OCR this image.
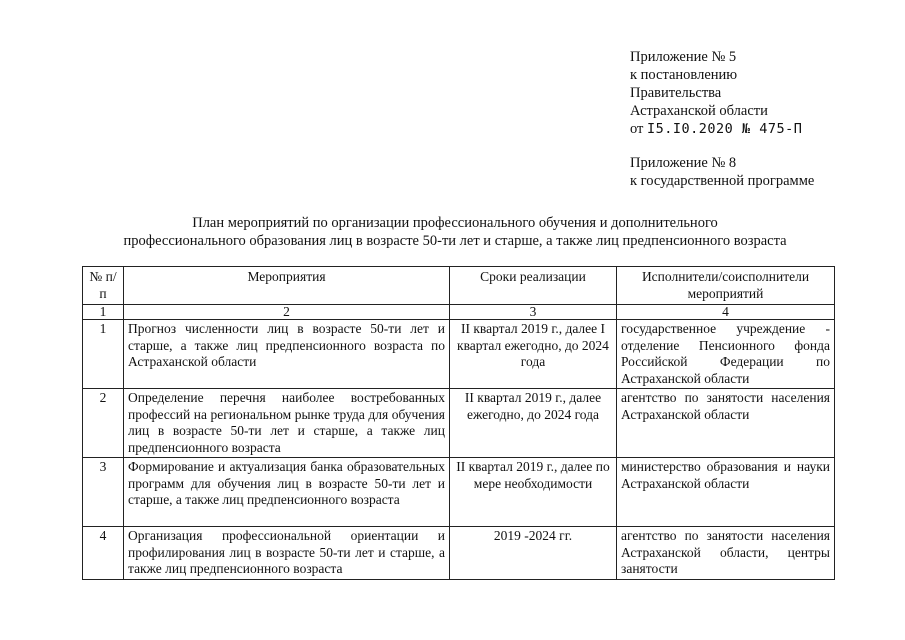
Приложение № 5
к постановлению
Правительства
Астраханской области
от I5.I0.2020 № 475-П
Приложение № 8
к государственной программе
План мероприятий по организации профессионального обучения и дополнительного
профессионального образования лиц в возрасте 50-ти лет и старше, а также лиц предпенсионного возраста
№ п/п	Мероприятия	Сроки реализации	Исполнители/соисполнители мероприятий
1	2	3	4
1	Прогноз численности лиц в возрасте 50-ти лет и старше, а также лиц предпенсионного возраста по Астраханской области	II квартал 2019 г., далее I квартал ежегодно, до 2024 года	государственное учреждение - отделение Пенсионного фонда Российской Федерации по Астраханской области
2	Определение перечня наиболее востребованных профессий на региональном рынке труда для обучения лиц в возрасте 50-ти лет и старше, а также лиц предпенсионного возраста	II квартал 2019 г., далее ежегодно, до 2024 года	агентство по занятости населения Астраханской области
3	Формирование и актуализация банка образовательных программ для обучения лиц в возрасте 50-ти лет и старше, а также лиц предпенсионного возраста	II квартал 2019 г., далее по мере необходимости	министерство образования и науки Астраханской области
4	Организация профессиональной ориентации и профилирования лиц в возрасте 50-ти лет и старше, а также лиц предпенсионного возраста	2019 -2024 гг.	агентство по занятости населения Астраханской области, центры занятости
